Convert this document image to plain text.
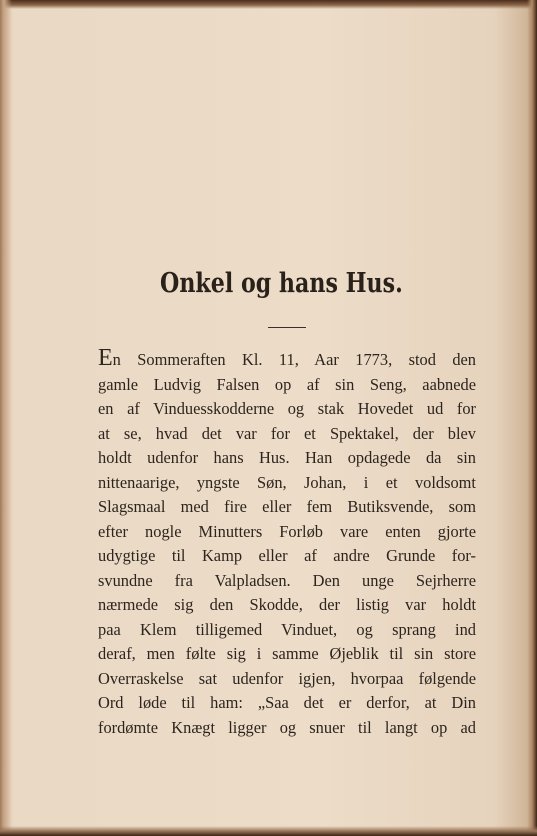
Onkel og hans Hus.
En Sommeraften Kl. 11, Aar 1773, stod den
gamle Ludvig Falsen op af sin Seng, aabnede
en af Vinduesskodderne og stak Hovedet ud for
at se, hvad det var for et Spektakel, der blev
holdt udenfor hans Hus. Han opdagede da sin
nittenaarige, yngste Søn, Johan, i et voldsomt
Slagsmaal med fire eller fem Butiksvende, som
efter nogle Minutters Forløb vare enten gjorte
udygtige til Kamp eller af andre Grunde for-
svundne fra Valpladsen. Den unge Sejrherre
nærmede sig den Skodde, der listig var holdt
paa Klem tilligemed Vinduet, og sprang ind
deraf, men følte sig i samme Øjeblik til sin store
Overraskelse sat udenfor igjen, hvorpaa følgende
Ord løde til ham: „Saa det er derfor, at Din
fordømte Knægt ligger og snuer til langt op ad
